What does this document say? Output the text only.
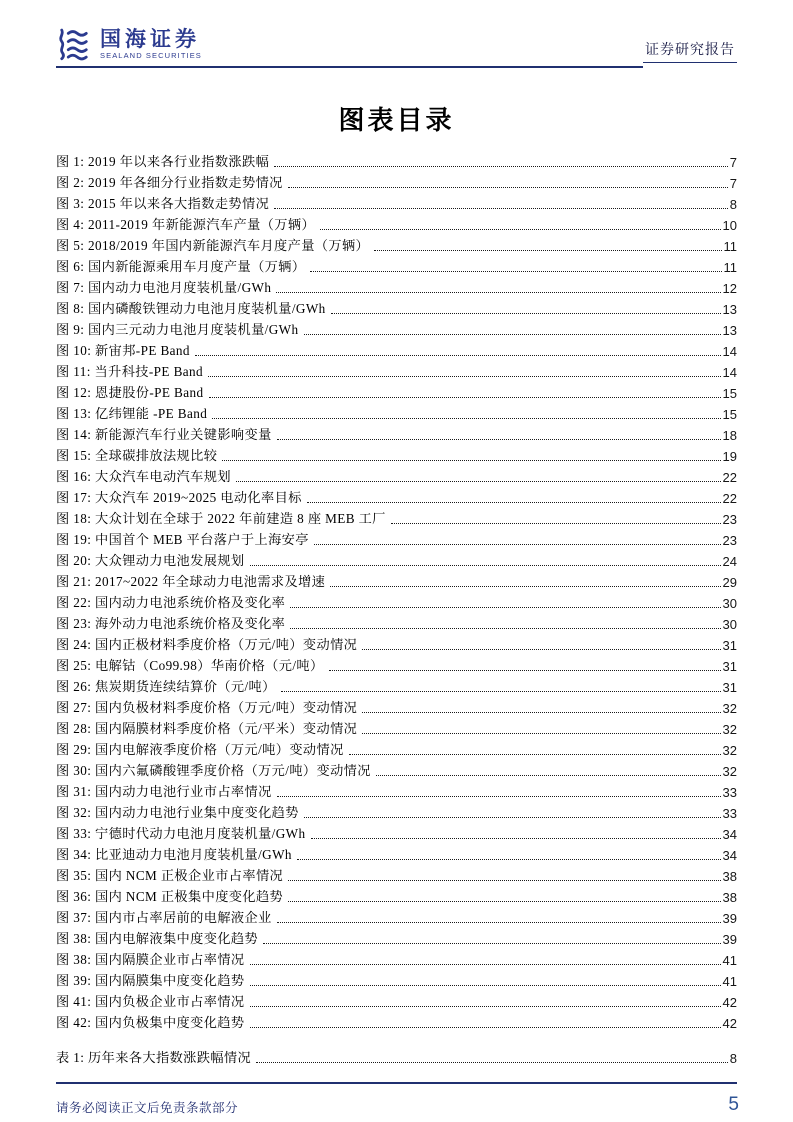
国海证券
SEALAND SECURITIES	证券研究报告
图表目录
图 1: 2019 年以来各行业指数涨跌幅	7
图 2: 2019 年各细分行业指数走势情况	7
图 3: 2015 年以来各大指数走势情况	8
图 4: 2011-2019 年新能源汽车产量（万辆）	10
图 5: 2018/2019 年国内新能源汽车月度产量（万辆）	11
图 6: 国内新能源乘用车月度产量（万辆）	11
图 7: 国内动力电池月度装机量/GWh	12
图 8: 国内磷酸铁锂动力电池月度装机量/GWh	13
图 9: 国内三元动力电池月度装机量/GWh	13
图 10: 新宙邦-PE Band	14
图 11: 当升科技-PE Band	14
图 12: 恩捷股份-PE Band	15
图 13: 亿纬锂能 -PE Band	15
图 14: 新能源汽车行业关键影响变量	18
图 15: 全球碳排放法规比较	19
图 16: 大众汽车电动汽车规划	22
图 17: 大众汽车 2019~2025 电动化率目标	22
图 18: 大众计划在全球于 2022 年前建造 8 座 MEB 工厂	23
图 19: 中国首个 MEB 平台落户于上海安亭	23
图 20: 大众锂动力电池发展规划	24
图 21: 2017~2022 年全球动力电池需求及增速	29
图 22: 国内动力电池系统价格及变化率	30
图 23: 海外动力电池系统价格及变化率	30
图 24: 国内正极材料季度价格（万元/吨）变动情况	31
图 25: 电解钴（Co99.98）华南价格（元/吨）	31
图 26: 焦炭期货连续结算价（元/吨）	31
图 27: 国内负极材料季度价格（万元/吨）变动情况	32
图 28: 国内隔膜材料季度价格（元/平米）变动情况	32
图 29: 国内电解液季度价格（万元/吨）变动情况	32
图 30: 国内六氟磷酸锂季度价格（万元/吨）变动情况	32
图 31: 国内动力电池行业市占率情况	33
图 32: 国内动力电池行业集中度变化趋势	33
图 33: 宁德时代动力电池月度装机量/GWh	34
图 34: 比亚迪动力电池月度装机量/GWh	34
图 35: 国内 NCM 正极企业市占率情况	38
图 36: 国内 NCM 正极集中度变化趋势	38
图 37: 国内市占率居前的电解液企业	39
图 38: 国内电解液集中度变化趋势	39
图 38: 国内隔膜企业市占率情况	41
图 39: 国内隔膜集中度变化趋势	41
图 41: 国内负极企业市占率情况	42
图 42: 国内负极集中度变化趋势	42
表 1: 历年来各大指数涨跌幅情况	8
请务必阅读正文后免责条款部分	5
